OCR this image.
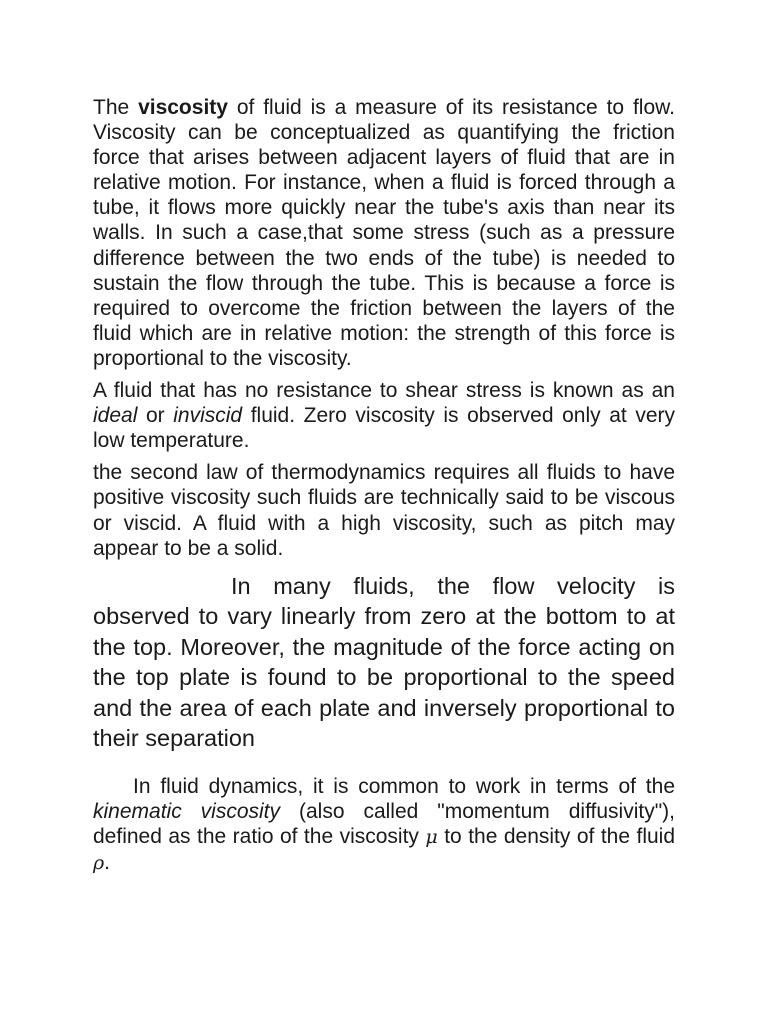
The viscosity of fluid is a measure of its resistance to flow. Viscosity can be conceptualized as quantifying the friction force that arises between adjacent layers of fluid that are in relative motion. For instance, when a fluid is forced through a tube, it flows more quickly near the tube's axis than near its walls. In such a case,that some stress (such as a pressure difference between the two ends of the tube) is needed to sustain the flow through the tube. This is because a force is required to overcome the friction between the layers of the fluid which are in relative motion: the strength of this force is proportional to the viscosity.

A fluid that has no resistance to shear stress is known as an ideal or inviscid fluid. Zero viscosity is observed only at very low temperature.

the second law of thermodynamics requires all fluids to have positive viscosity such fluids are technically said to be viscous or viscid. A fluid with a high viscosity, such as pitch may appear to be a solid.

In many fluids, the flow velocity is observed to vary linearly from zero at the bottom to at the top. Moreover, the magnitude of the force acting on the top plate is found to be proportional to the speed and the area of each plate and inversely proportional to their separation

In fluid dynamics, it is common to work in terms of the kinematic viscosity (also called "momentum diffusivity"), defined as the ratio of the viscosity μ to the density of the fluid ρ.
